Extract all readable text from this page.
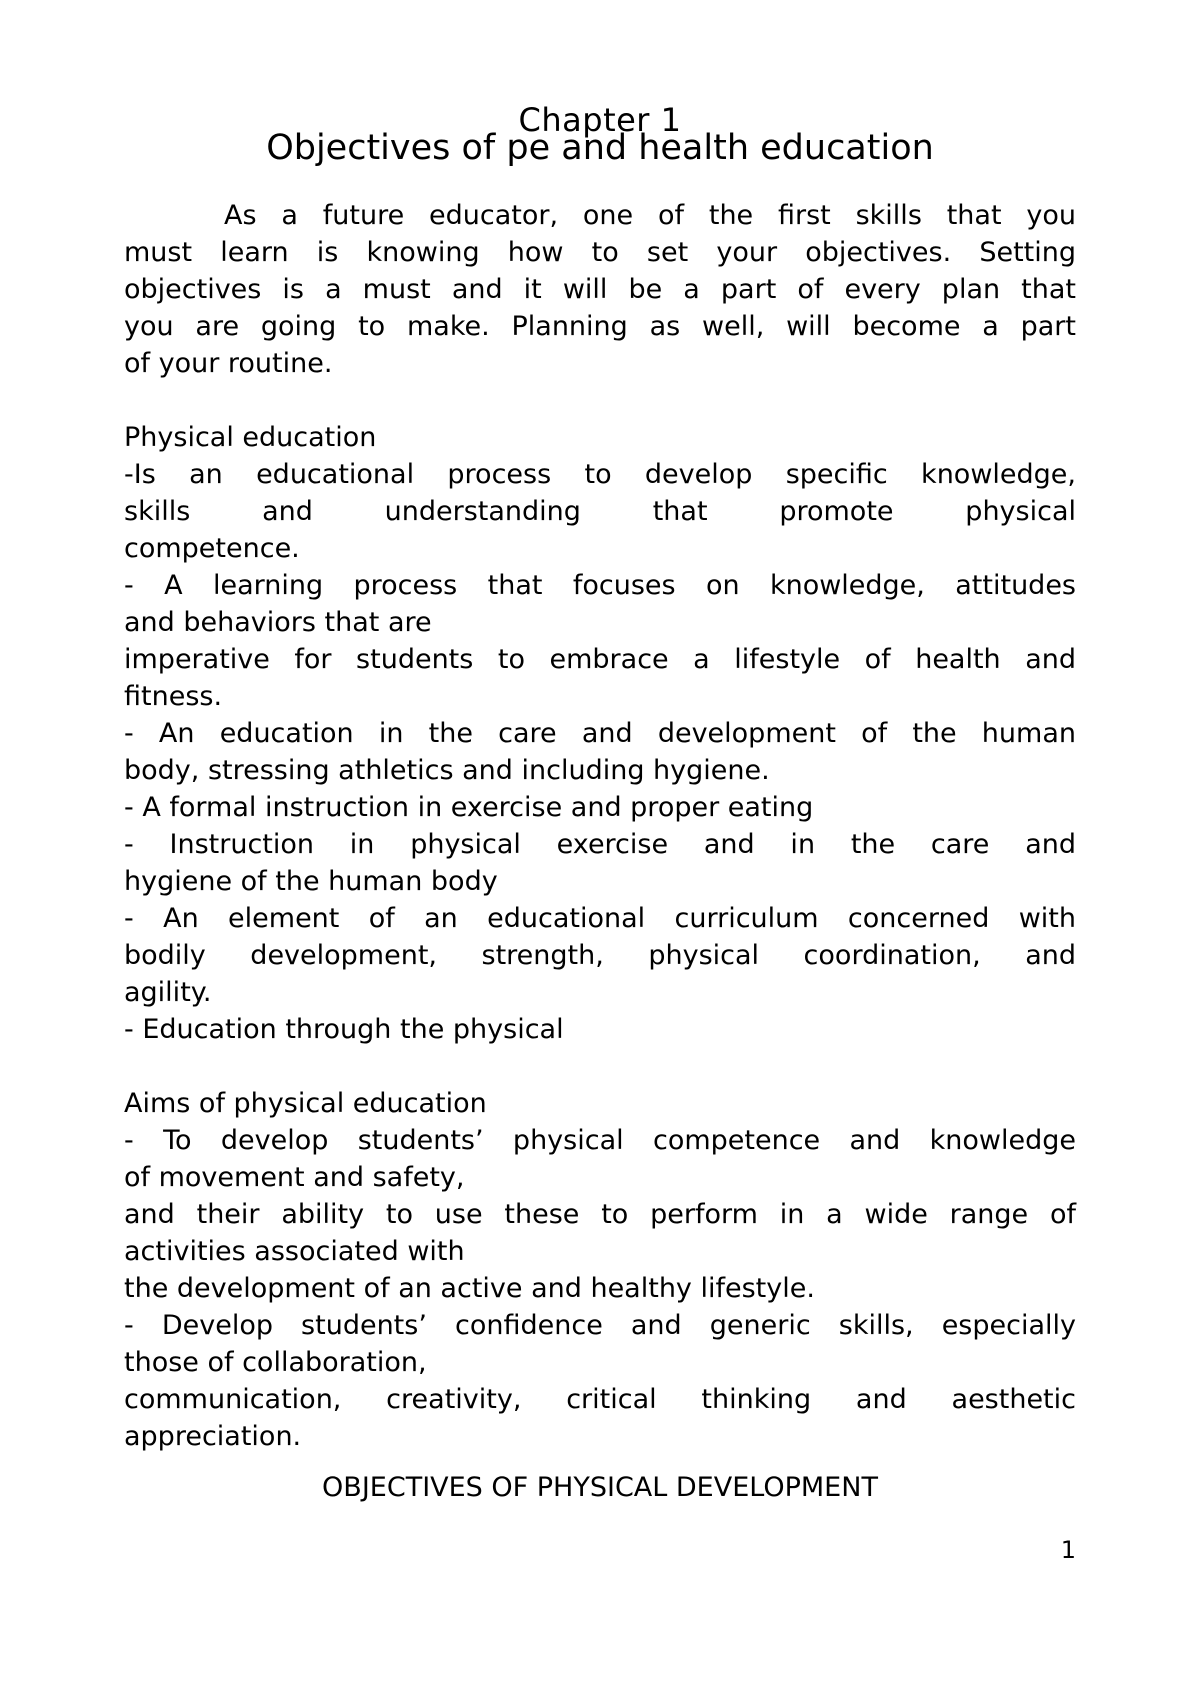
Chapter 1
Objectives of pe and health education

As a future educator, one of the first skills that you

must learn is knowing how to set your objectives. Setting

objectives is a must and it will be a part of every plan that

you are going to make. Planning as well, will become a part

of your routine.

Physical education

-Is an educational process to develop specific knowledge,

skills and understanding that promote physical

competence.

- A learning process that focuses on knowledge, attitudes

and behaviors that are

imperative for students to embrace a lifestyle of health and

fitness.

- An education in the care and development of the human

body, stressing athletics and including hygiene.

- A formal instruction in exercise and proper eating

- Instruction in physical exercise and in the care and

hygiene of the human body

- An element of an educational curriculum concerned with

bodily development, strength, physical coordination, and

agility.

- Education through the physical

Aims of physical education

- To develop students’ physical competence and knowledge

of movement and safety,

and their ability to use these to perform in a wide range of

activities associated with

the development of an active and healthy lifestyle.

- Develop students’ confidence and generic skills, especially

those of collaboration,

communication, creativity, critical thinking and aesthetic

appreciation.

OBJECTIVES OF PHYSICAL DEVELOPMENT

1
